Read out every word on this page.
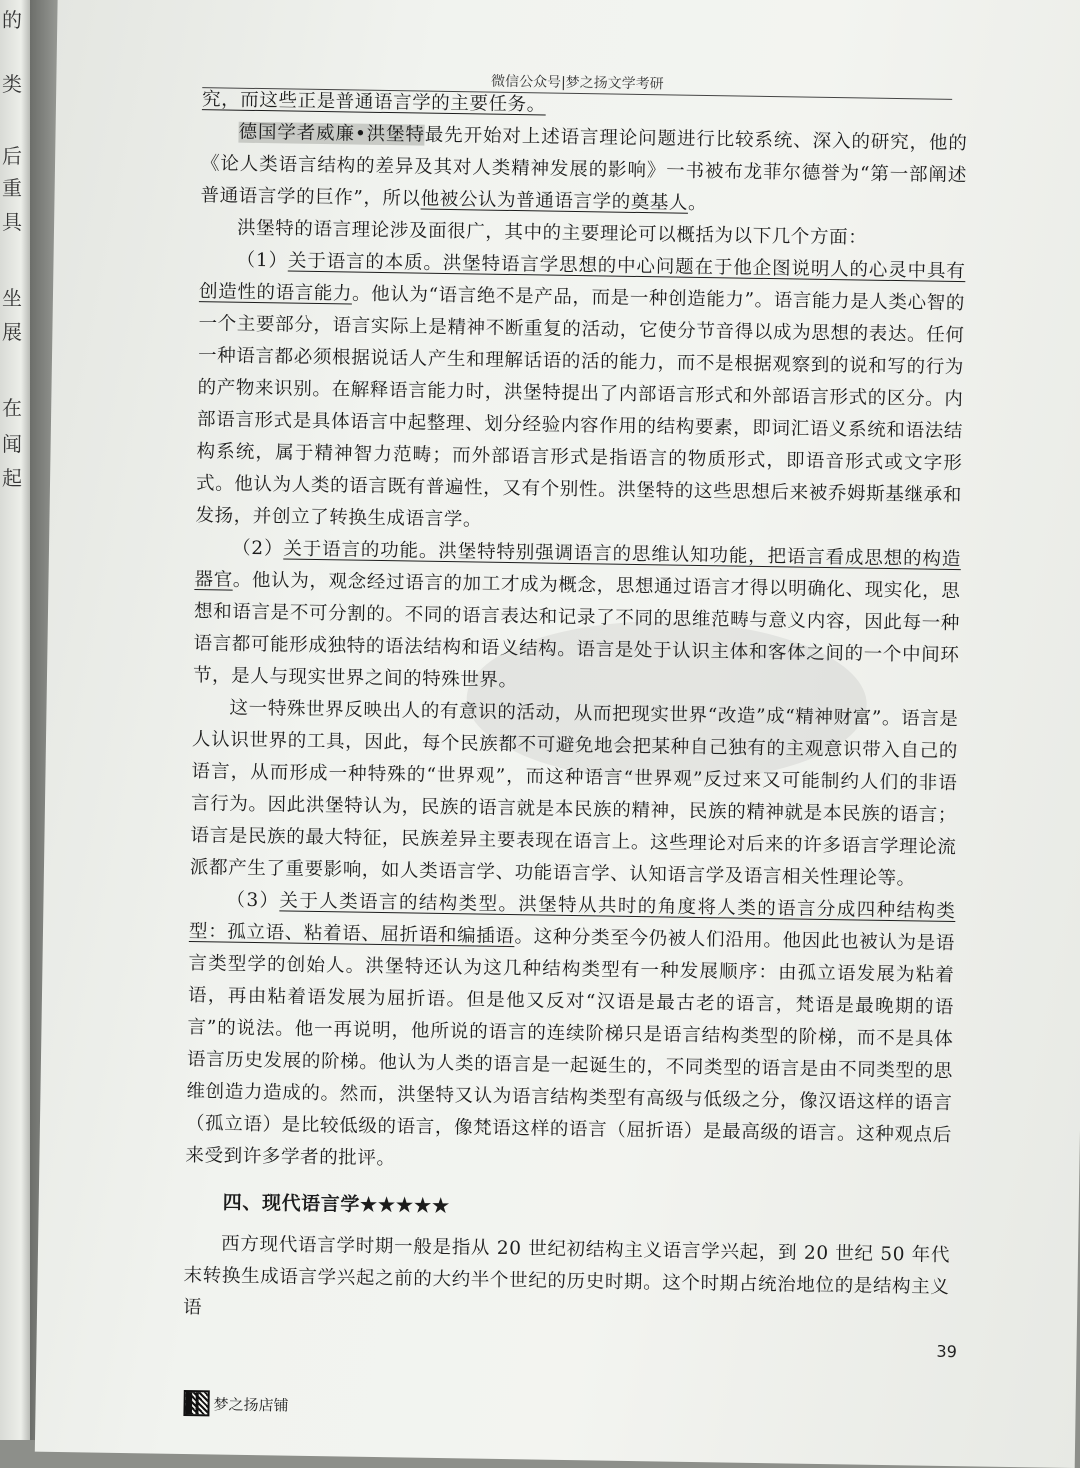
的
类
后
重
具
坐
展
在
闻
起
微信公众号|梦之扬文学考研

究，而这些正是普通语言学的主要任务。

德国学者威廉•洪堡特最先开始对上述语言理论问题进行比较系统、深入的研究，他的《论人类语言结构的差异及其对人类精神发展的影响》一书被布龙菲尔德誉为“第一部阐述普通语言学的巨作”，所以他被公认为普通语言学的奠基人。

洪堡特的语言理论涉及面很广，其中的主要理论可以概括为以下几个方面：

（1）关于语言的本质。洪堡特语言学思想的中心问题在于他企图说明人的心灵中具有创造性的语言能力。他认为“语言绝不是产品，而是一种创造能力”。语言能力是人类心智的一个主要部分，语言实际上是精神不断重复的活动，它使分节音得以成为思想的表达。任何一种语言都必须根据说话人产生和理解话语的活的能力，而不是根据观察到的说和写的行为的产物来识别。在解释语言能力时，洪堡特提出了内部语言形式和外部语言形式的区分。内部语言形式是具体语言中起整理、划分经验内容作用的结构要素，即词汇语义系统和语法结构系统，属于精神智力范畴；而外部语言形式是指语言的物质形式，即语音形式或文字形式。他认为人类的语言既有普遍性，又有个别性。洪堡特的这些思想后来被乔姆斯基继承和发扬，并创立了转换生成语言学。

（2）关于语言的功能。洪堡特特别强调语言的思维认知功能，把语言看成思想的构造器官。他认为，观念经过语言的加工才成为概念，思想通过语言才得以明确化、现实化，思想和语言是不可分割的。不同的语言表达和记录了不同的思维范畴与意义内容，因此每一种语言都可能形成独特的语法结构和语义结构。语言是处于认识主体和客体之间的一个中间环节，是人与现实世界之间的特殊世界。

这一特殊世界反映出人的有意识的活动，从而把现实世界“改造”成“精神财富”。语言是人认识世界的工具，因此，每个民族都不可避免地会把某种自己独有的主观意识带入自己的语言，从而形成一种特殊的“世界观”，而这种语言“世界观”反过来又可能制约人们的非语言行为。因此洪堡特认为，民族的语言就是本民族的精神，民族的精神就是本民族的语言；语言是民族的最大特征，民族差异主要表现在语言上。这些理论对后来的许多语言学理论流派都产生了重要影响，如人类语言学、功能语言学、认知语言学及语言相关性理论等。

（3）关于人类语言的结构类型。洪堡特从共时的角度将人类的语言分成四种结构类型：孤立语、粘着语、屈折语和编插语。这种分类至今仍被人们沿用。他因此也被认为是语言类型学的创始人。洪堡特还认为这几种结构类型有一种发展顺序：由孤立语发展为粘着语，再由粘着语发展为屈折语。但是他又反对“汉语是最古老的语言，梵语是最晚期的语言”的说法。他一再说明，他所说的语言的连续阶梯只是语言结构类型的阶梯，而不是具体语言历史发展的阶梯。他认为人类的语言是一起诞生的，不同类型的语言是由不同类型的思维创造力造成的。然而，洪堡特又认为语言结构类型有高级与低级之分，像汉语这样的语言（孤立语）是比较低级的语言，像梵语这样的语言（屈折语）是最高级的语言。这种观点后来受到许多学者的批评。

四、现代语言学★★★★★

西方现代语言学时期一般是指从 20 世纪初结构主义语言学兴起，到 20 世纪 50 年代末转换生成语言学兴起之前的大约半个世纪的历史时期。这个时期占统治地位的是结构主义语

39
梦之扬店铺
